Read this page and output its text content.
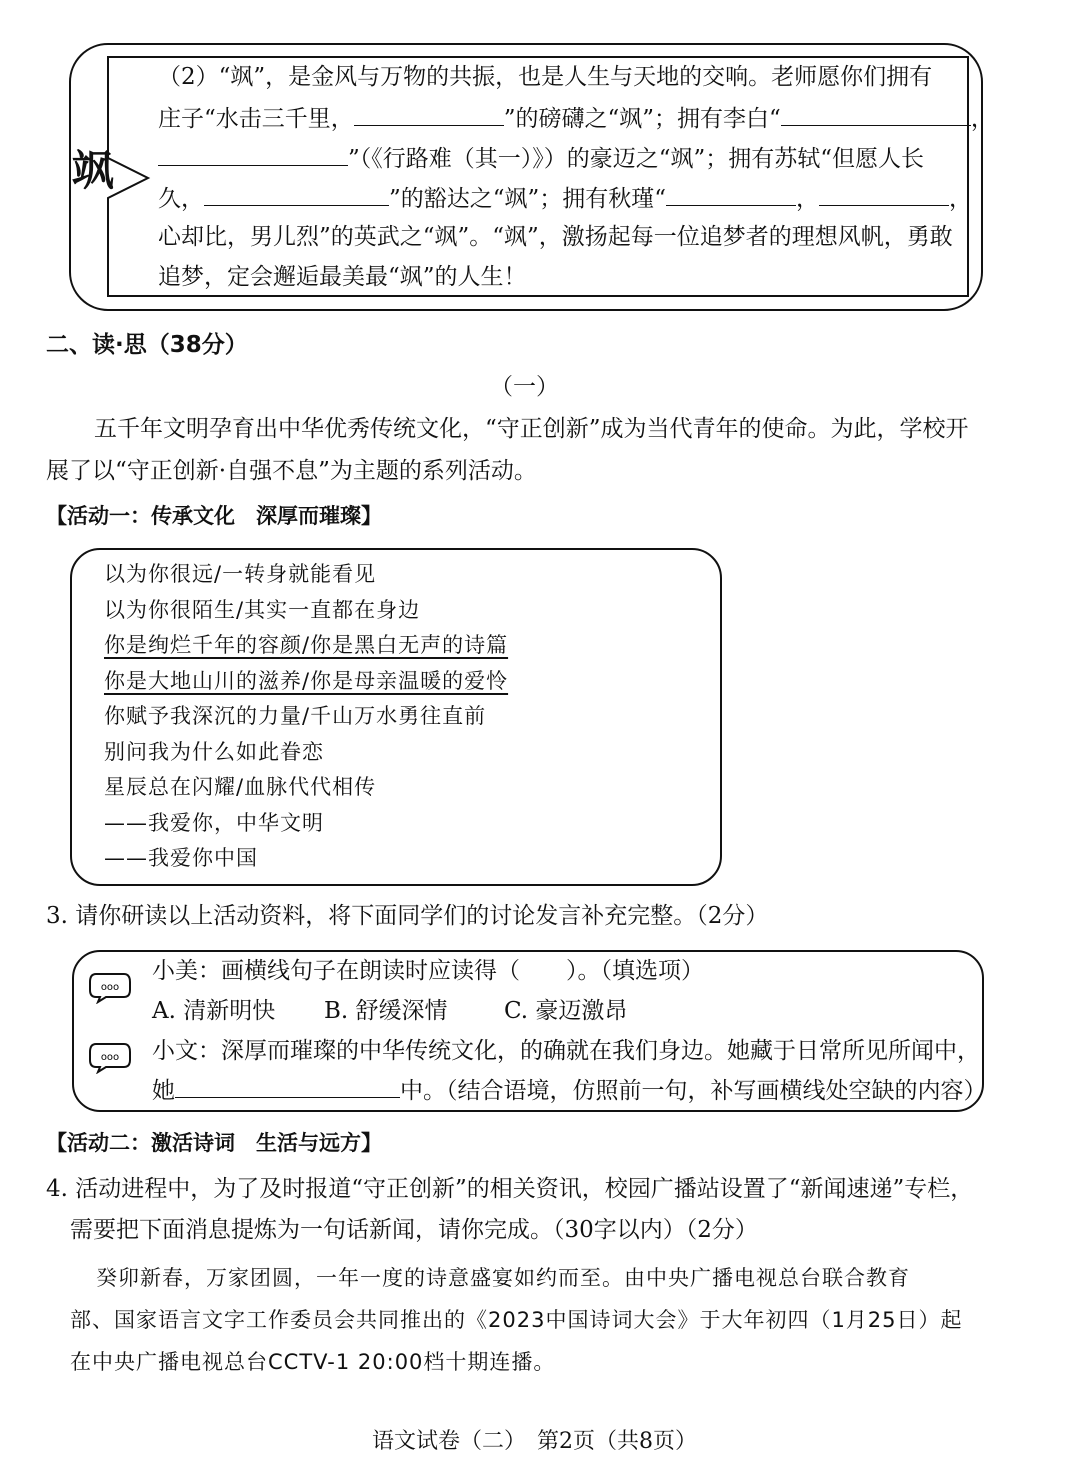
飒
（2）“飒”，是金风与万物的共振，也是人生与天地的交响。老师愿你们拥有
庄子“水击三千里，	”的磅礴之“飒”；拥有李白“	，
”（《行路难（其一）》）的豪迈之“飒”；拥有苏轼“但愿人长
久，	”的豁达之“飒”；拥有秋瑾“	，	，
心却比，男儿烈”的英武之“飒”。“飒”，激扬起每一位追梦者的理想风帆，勇敢
追梦，定会邂逅最美最“飒”的人生！
二、读·思（38分）
（一）
五千年文明孕育出中华优秀传统文化，“守正创新”成为当代青年的使命。为此，学校开
展了以“守正创新·自强不息”为主题的系列活动。
【活动一：传承文化　深厚而璀璨】
以为你很远/一转身就能看见
以为你很陌生/其实一直都在身边
你是绚烂千年的容颜/你是黑白无声的诗篇
你是大地山川的滋养/你是母亲温暖的爱怜
你赋予我深沉的力量/千山万水勇往直前
别问我为什么如此眷恋
星辰总在闪耀/血脉代代相传
——我爱你，中华文明
——我爱你中国
3. 请你研读以上活动资料，将下面同学们的讨论发言补充完整。（2分）
ooo
ooo
小美：画横线句子在朗读时应读得（　　）。（填选项）
A. 清新明快 B. 舒缓深情 C. 豪迈激昂
小文：深厚而璀璨的中华传统文化，的确就在我们身边。她藏于日常所见所闻中，
她	中。（结合语境，仿照前一句，补写画横线处空缺的内容）
【活动二：激活诗词　生活与远方】
4. 活动进程中，为了及时报道“守正创新”的相关资讯，校园广播站设置了“新闻速递”专栏，
需要把下面消息提炼为一句话新闻，请你完成。（30字以内）（2分）
癸卯新春，万家团圆，一年一度的诗意盛宴如约而至。由中央广播电视总台联合教育
部、国家语言文字工作委员会共同推出的《2023中国诗词大会》于大年初四（1月25日）起
在中央广播电视总台CCTV-1 20:00档十期连播。
语文试卷（二）　第2页（共8页）
